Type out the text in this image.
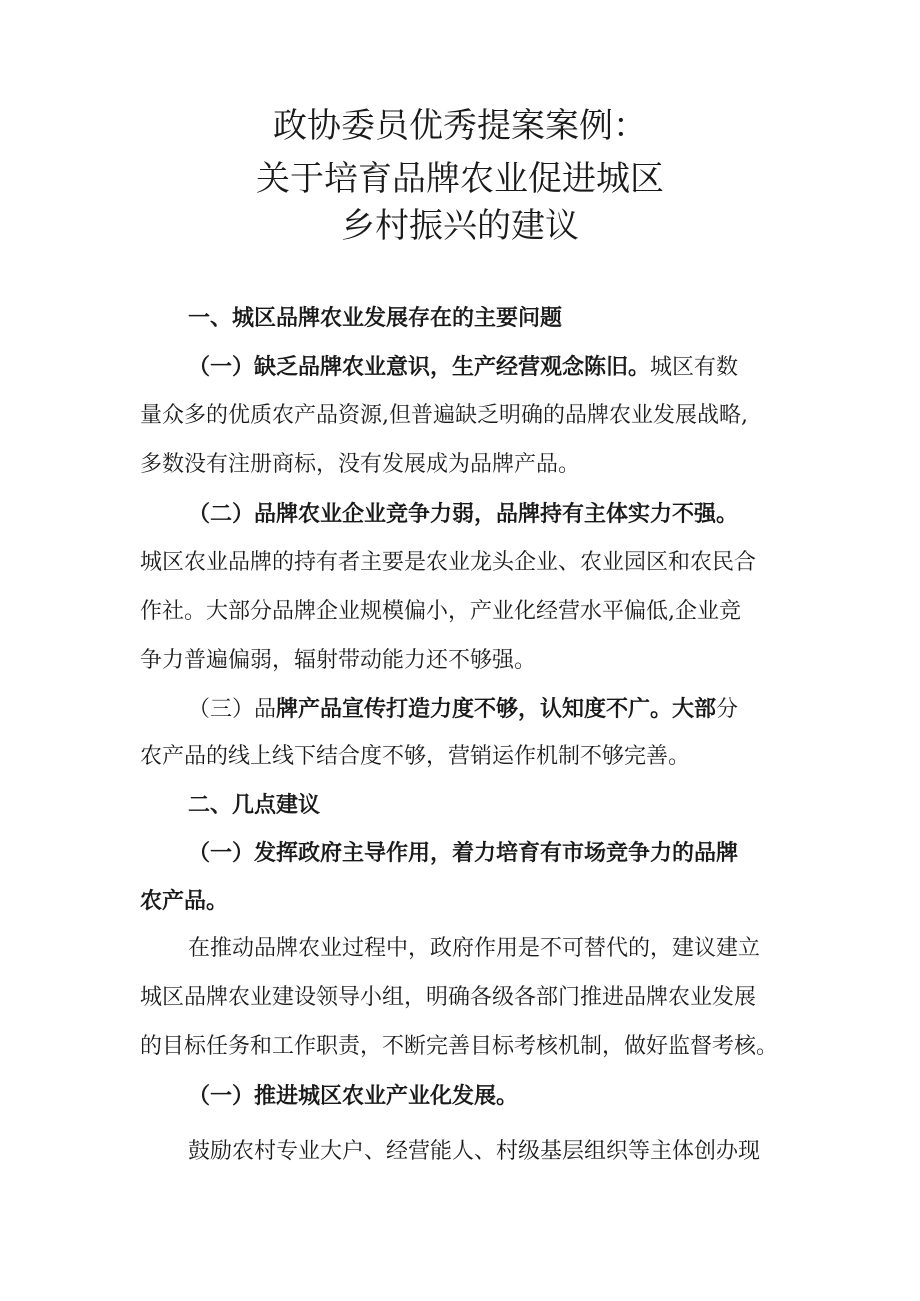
政协委员优秀提案案例：
关于培育品牌农业促进城区
乡村振兴的建议

一、城区品牌农业发展存在的主要问题

（一）缺乏品牌农业意识，生产经营观念陈旧。城区有数

量众多的优质农产品资源,但普遍缺乏明确的品牌农业发展战略,

多数没有注册商标，没有发展成为品牌产品。

（二）品牌农业企业竞争力弱，品牌持有主体实力不强。

城区农业品牌的持有者主要是农业龙头企业、农业园区和农民合

作社。大部分品牌企业规模偏小，产业化经营水平偏低,企业竞

争力普遍偏弱，辐射带动能力还不够强。

（三）品牌产品宣传打造力度不够，认知度不广。大部分

农产品的线上线下结合度不够，营销运作机制不够完善。

二、几点建议

（一）发挥政府主导作用，着力培育有市场竞争力的品牌

农产品。

在推动品牌农业过程中，政府作用是不可替代的，建议建立

城区品牌农业建设领导小组，明确各级各部门推进品牌农业发展

的目标任务和工作职责，不断完善目标考核机制，做好监督考核。

（一）推进城区农业产业化发展。

鼓励农村专业大户、经营能人、村级基层组织等主体创办现
